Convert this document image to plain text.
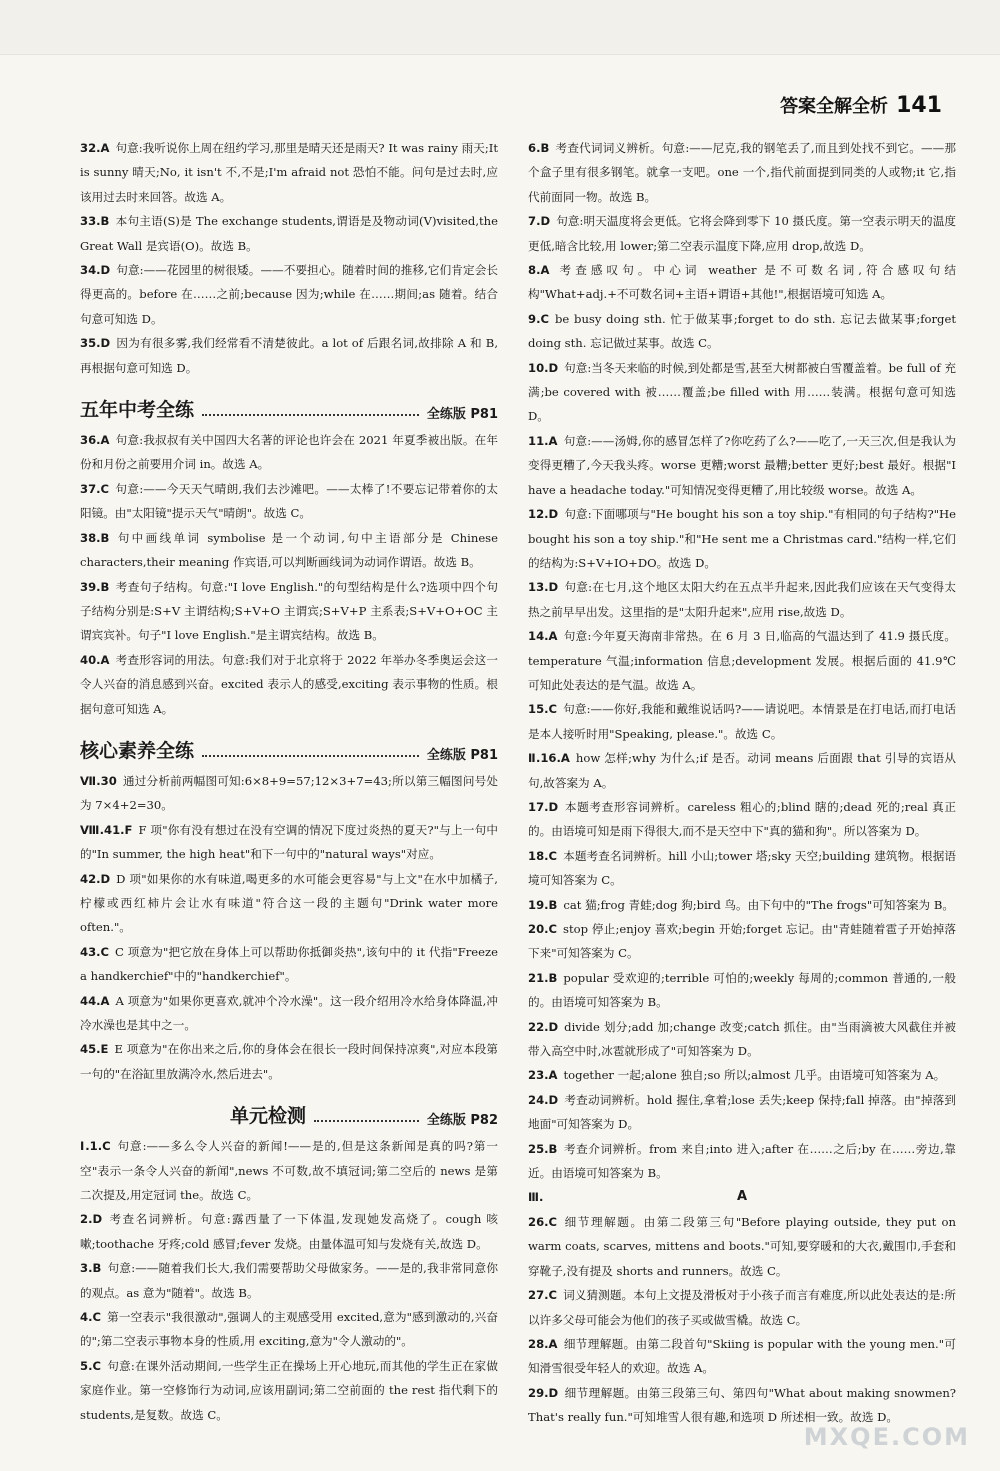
答案全解全析 141

32.A 句意:我听说你上周在纽约学习,那里是晴天还是雨天? It was rainy 雨天;It is sunny 晴天;No, it isn't 不,不是;I'm afraid not 恐怕不能。问句是过去时,应该用过去时来回答。故选 A。

33.B 本句主语(S)是 The exchange students,谓语是及物动词(V)visited,the Great Wall 是宾语(O)。故选 B。

34.D 句意:——花园里的树很矮。——不要担心。随着时间的推移,它们肯定会长得更高的。before 在……之前;because 因为;while 在……期间;as 随着。结合句意可知选 D。

35.D 因为有很多雾,我们经常看不清楚彼此。a lot of 后跟名词,故排除 A 和 B,再根据句意可知选 D。

五年中考全练	全练版 P81

36.A 句意:我叔叔有关中国四大名著的评论也许会在 2021 年夏季被出版。在年份和月份之前要用介词 in。故选 A。

37.C 句意:——今天天气晴朗,我们去沙滩吧。——太棒了!不要忘记带着你的太阳镜。由"太阳镜"提示天气"晴朗"。故选 C。

38.B 句中画线单词 symbolise 是一个动词,句中主语部分是 Chinese characters,their meaning 作宾语,可以判断画线词为动词作谓语。故选 B。

39.B 考查句子结构。句意:"I love English."的句型结构是什么?选项中四个句子结构分别是:S+V 主谓结构;S+V+O 主谓宾;S+V+P 主系表;S+V+O+OC 主谓宾宾补。句子"I love English."是主谓宾结构。故选 B。

40.A 考查形容词的用法。句意:我们对于北京将于 2022 年举办冬季奥运会这一令人兴奋的消息感到兴奋。excited 表示人的感受,exciting 表示事物的性质。根据句意可知选 A。

核心素养全练	全练版 P81

Ⅶ.30 通过分析前两幅图可知:6×8+9=57;12×3+7=43;所以第三幅图问号处为 7×4+2=30。

Ⅷ.41.F F 项"你有没有想过在没有空调的情况下度过炎热的夏天?"与上一句中的"In summer, the high heat"和下一句中的"natural ways"对应。

42.D D 项"如果你的水有味道,喝更多的水可能会更容易"与上文"在水中加橘子,柠檬或西红柿片会让水有味道"符合这一段的主题句"Drink water more often."。

43.C C 项意为"把它放在身体上可以帮助你抵御炎热",该句中的 it 代指"Freeze a handkerchief"中的"handkerchief"。

44.A A 项意为"如果你更喜欢,就冲个冷水澡"。这一段介绍用冷水给身体降温,冲冷水澡也是其中之一。

45.E E 项意为"在你出来之后,你的身体会在很长一段时间保持凉爽",对应本段第一句的"在浴缸里放满冷水,然后进去"。

单元检测	全练版 P82

Ⅰ.1.C 句意:——多么令人兴奋的新闻!——是的,但是这条新闻是真的吗?第一空"表示一条令人兴奋的新闻",news 不可数,故不填冠词;第二空后的 news 是第二次提及,用定冠词 the。故选 C。

2.D 考查名词辨析。句意:露西量了一下体温,发现她发高烧了。cough 咳嗽;toothache 牙疼;cold 感冒;fever 发烧。由量体温可知与发烧有关,故选 D。

3.B 句意:——随着我们长大,我们需要帮助父母做家务。——是的,我非常同意你的观点。as 意为"随着"。故选 B。

4.C 第一空表示"我很激动",强调人的主观感受用 excited,意为"感到激动的,兴奋的";第二空表示事物本身的性质,用 exciting,意为"令人激动的"。

5.C 句意:在课外活动期间,一些学生正在操场上开心地玩,而其他的学生正在家做家庭作业。第一空修饰行为动词,应该用副词;第二空前面的 the rest 指代剩下的 students,是复数。故选 C。

6.B 考查代词词义辨析。句意:——尼克,我的钢笔丢了,而且到处找不到它。——那个盒子里有很多钢笔。就拿一支吧。one 一个,指代前面提到同类的人或物;it 它,指代前面同一物。故选 B。

7.D 句意:明天温度将会更低。它将会降到零下 10 摄氏度。第一空表示明天的温度更低,暗含比较,用 lower;第二空表示温度下降,应用 drop,故选 D。

8.A 考查感叹句。中心词 weather 是不可数名词,符合感叹句结构"What+adj.+不可数名词+主语+谓语+其他!",根据语境可知选 A。

9.C be busy doing sth. 忙于做某事;forget to do sth. 忘记去做某事;forget doing sth. 忘记做过某事。故选 C。

10.D 句意:当冬天来临的时候,到处都是雪,甚至大树都被白雪覆盖着。be full of 充满;be covered with 被……覆盖;be filled with 用……装满。根据句意可知选 D。

11.A 句意:——汤姆,你的感冒怎样了?你吃药了么?——吃了,一天三次,但是我认为变得更糟了,今天我头疼。worse 更糟;worst 最糟;better 更好;best 最好。根据"I have a headache today."可知情况变得更糟了,用比较级 worse。故选 A。

12.D 句意:下面哪项与"He bought his son a toy ship."有相同的句子结构?"He bought his son a toy ship."和"He sent me a Christmas card."结构一样,它们的结构为:S+V+IO+DO。故选 D。

13.D 句意:在七月,这个地区太阳大约在五点半升起来,因此我们应该在天气变得太热之前早早出发。这里指的是"太阳升起来",应用 rise,故选 D。

14.A 句意:今年夏天海南非常热。在 6 月 3 日,临高的气温达到了 41.9 摄氏度。temperature 气温;information 信息;development 发展。根据后面的 41.9℃可知此处表达的是气温。故选 A。

15.C 句意:——你好,我能和戴维说话吗?——请说吧。本情景是在打电话,而打电话是本人接听时用"Speaking, please."。故选 C。

Ⅱ.16.A how 怎样;why 为什么;if 是否。动词 means 后面跟 that 引导的宾语从句,故答案为 A。

17.D 本题考查形容词辨析。careless 粗心的;blind 瞎的;dead 死的;real 真正的。由语境可知是雨下得很大,而不是天空中下"真的猫和狗"。所以答案为 D。

18.C 本题考查名词辨析。hill 小山;tower 塔;sky 天空;building 建筑物。根据语境可知答案为 C。

19.B cat 猫;frog 青蛙;dog 狗;bird 鸟。由下句中的"The frogs"可知答案为 B。

20.C stop 停止;enjoy 喜欢;begin 开始;forget 忘记。由"青蛙随着雹子开始掉落下来"可知答案为 C。

21.B popular 受欢迎的;terrible 可怕的;weekly 每周的;common 普通的,一般的。由语境可知答案为 B。

22.D divide 划分;add 加;change 改变;catch 抓住。由"当雨滴被大风截住并被带入高空中时,冰雹就形成了"可知答案为 D。

23.A together 一起;alone 独自;so 所以;almost 几乎。由语境可知答案为 A。

24.D 考查动词辨析。hold 握住,拿着;lose 丢失;keep 保持;fall 掉落。由"掉落到地面"可知答案为 D。

25.B 考查介词辨析。from 来自;into 进入;after 在……之后;by 在……旁边,靠近。由语境可知答案为 B。

Ⅲ.	A

26.C 细节理解题。由第二段第三句"Before playing outside, they put on warm coats, scarves, mittens and boots."可知,要穿暖和的大衣,戴围巾,手套和穿靴子,没有提及 shorts and runners。故选 C。

27.C 词义猜测题。本句上文提及滑板对于小孩子而言有难度,所以此处表达的是:所以许多父母可能会为他们的孩子买或做雪橇。故选 C。

28.A 细节理解题。由第二段首句"Skiing is popular with the young men."可知滑雪很受年轻人的欢迎。故选 A。

29.D 细节理解题。由第三段第三句、第四句"What about making snowmen? That's really fun."可知堆雪人很有趣,和选项 D 所述相一致。故选 D。

MXQE.COM
